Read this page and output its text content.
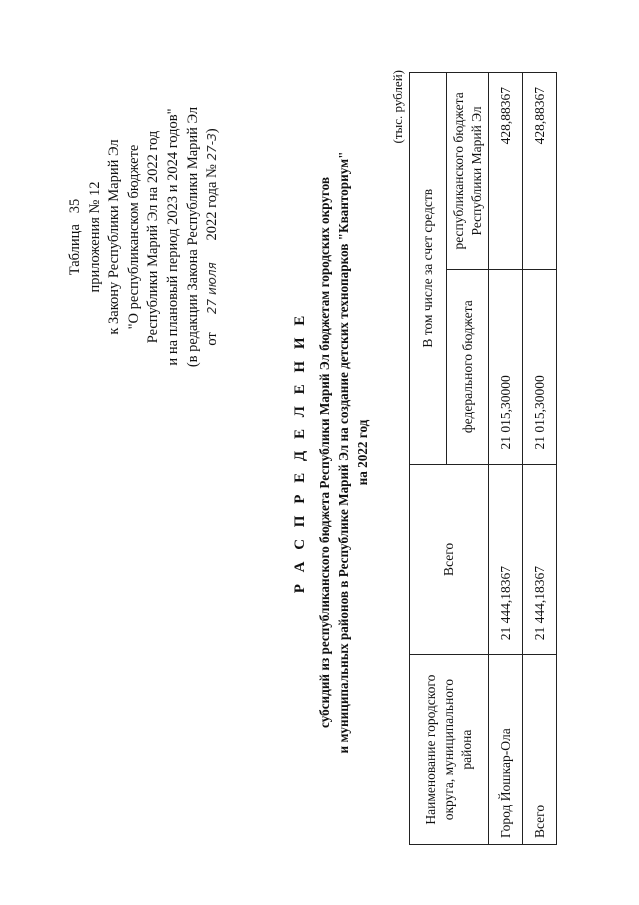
Таблица   35 приложения № 12 к Закону Республики Марий Эл "О республиканском бюджете Республики Марий Эл на 2022 год и на плановый период 2023 и 2024 годов" (в редакции Закона Республики Марий Эл от     27 июля      2022 года № 27-З)
Р А С П Р Е Д Е Л Е Н И Е субсидий из республиканского бюджета Республики Марий Эл бюджетам городских округов и муниципальных районов в Республике Марий Эл на создание детских технопарков "Кванториум" на 2022 год
(тыс. рублей)
Наименование городского округа, муниципального района	Всего	В том числе за счет средств	
		федерального бюджета	республиканского бюджета Республики Марий Эл
Город Йошкар-Ола	21 444,18367	21 015,30000	428,88367
Всего	21 444,18367	21 015,30000	428,88367
